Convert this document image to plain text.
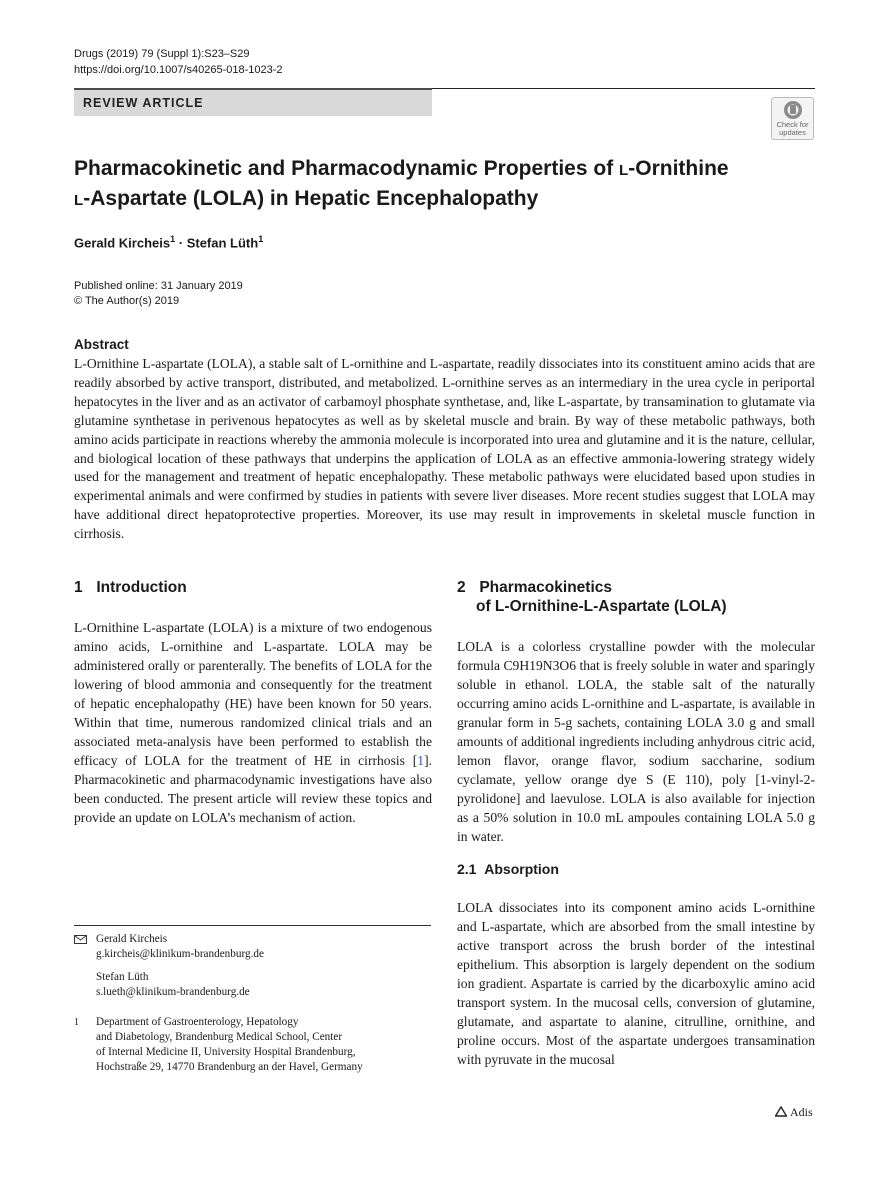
Drugs (2019) 79 (Suppl 1):S23–S29
https://doi.org/10.1007/s40265-018-1023-2
REVIEW ARTICLE
Check for updates
Pharmacokinetic and Pharmacodynamic Properties of L-Ornithine
L-Aspartate (LOLA) in Hepatic Encephalopathy
Gerald Kircheis$^1$ · Stefan Lüth$^1$
Published online: 31 January 2019
© The Author(s) 2019
Abstract

L-Ornithine L-aspartate (LOLA), a stable salt of L-ornithine and L-aspartate, readily dissociates into its constituent amino acids that are readily absorbed by active transport, distributed, and metabolized. L-ornithine serves as an intermediary in the urea cycle in periportal hepatocytes in the liver and as an activator of carbamoyl phosphate synthetase, and, like L-aspartate, by transamination to glutamate via glutamine synthetase in perivenous hepatocytes as well as by skeletal muscle and brain. By way of these metabolic pathways, both amino acids participate in reactions whereby the ammonia molecule is incorporated into urea and glutamine and it is the nature, cellular, and biological location of these pathways that underpins the application of LOLA as an effective ammonia-lowering strategy widely used for the management and treatment of hepatic encephalopathy. These metabolic pathways were elucidated based upon studies in experimental animals and were confirmed by studies in patients with severe liver diseases. More recent studies suggest that LOLA may have additional direct hepatoprotective properties. Moreover, its use may result in improvements in skeletal muscle function in cirrhosis.

1 Introduction

L-Ornithine L-aspartate (LOLA) is a mixture of two endogenous amino acids, L-ornithine and L-aspartate. LOLA may be administered orally or parenterally. The benefits of LOLA for the lowering of blood ammonia and consequently for the treatment of hepatic encephalopathy (HE) have been known for 50 years. Within that time, numerous randomized clinical trials and an associated meta-analysis have been performed to establish the efficacy of LOLA for the treatment of HE in cirrhosis [1]. Pharmacokinetic and pharmacodynamic investigations have also been conducted. The present article will review these topics and provide an update on LOLA’s mechanism of action.

2 Pharmacokinetics
of L-Ornithine-L-Aspartate (LOLA)

LOLA is a colorless crystalline powder with the molecular formula C9H19N3O6 that is freely soluble in water and sparingly soluble in ethanol. LOLA, the stable salt of the naturally occurring amino acids L-ornithine and L-aspartate, is available in granular form in 5-g sachets, containing LOLA 3.0 g and small amounts of additional ingredients including anhydrous citric acid, lemon flavor, orange flavor, sodium saccharine, sodium cyclamate, yellow orange dye S (E 110), poly [1-vinyl-2-pyrolidone] and laevulose. LOLA is also available for injection as a 50% solution in 10.0 mL ampoules containing LOLA 5.0 g in water.

2.1 Absorption

LOLA dissociates into its component amino acids L-ornithine and L-aspartate, which are absorbed from the small intestine by active transport across the brush border of the intestinal epithelium. This absorption is largely dependent on the sodium ion gradient. Aspartate is carried by the dicarboxylic amino acid transport system. In the mucosal cells, conversion of glutamine, glutamate, and aspartate to alanine, citrulline, ornithine, and proline occurs. Most of the aspartate undergoes transamination with pyruvate in the mucosal

Gerald Kircheis
g.kircheis@klinikum-brandenburg.de
Stefan Lüth
s.lueth@klinikum-brandenburg.de
1 Department of Gastroenterology, Hepatology
and Diabetology, Brandenburg Medical School, Center
of Internal Medicine II, University Hospital Brandenburg,
Hochstraße 29, 14770 Brandenburg an der Havel, Germany
Adis
